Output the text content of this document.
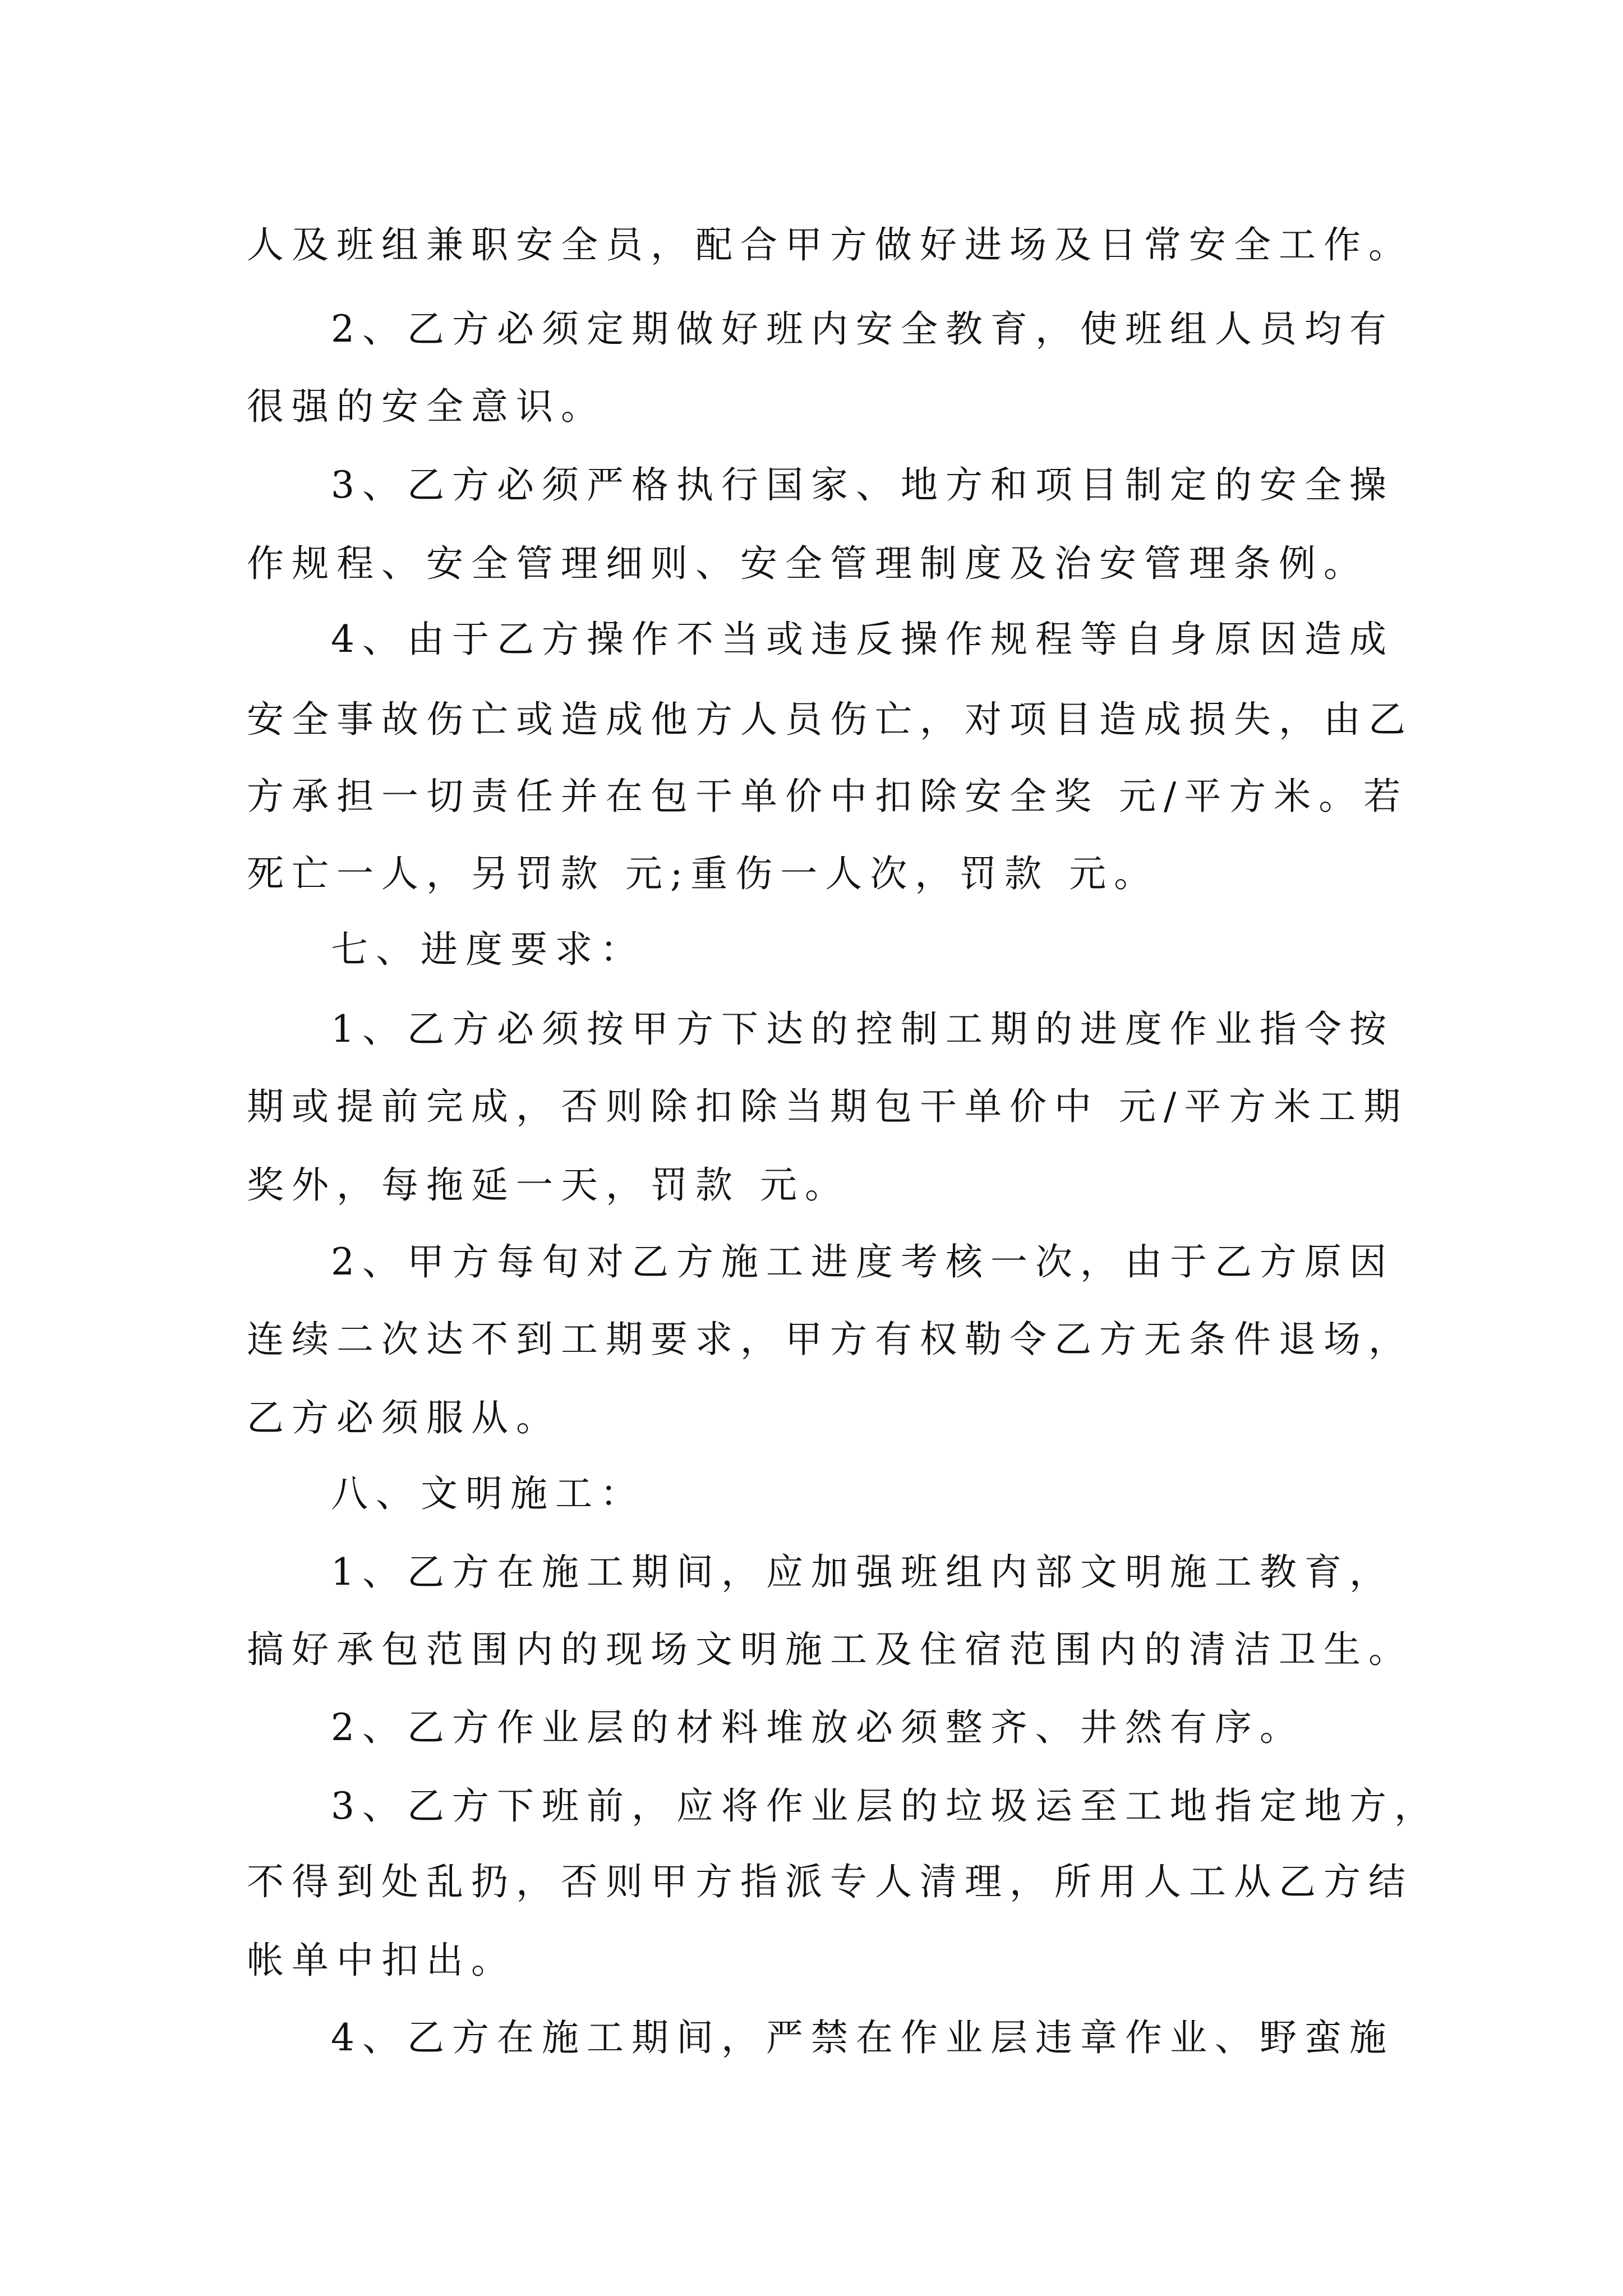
人及班组兼职安全员，配合甲方做好进场及日常安全工作。
2、乙方必须定期做好班内安全教育，使班组人员均有
很强的安全意识。
3、乙方必须严格执行国家、地方和项目制定的安全操
作规程、安全管理细则、安全管理制度及治安管理条例。
4、由于乙方操作不当或违反操作规程等自身原因造成
安全事故伤亡或造成他方人员伤亡，对项目造成损失，由乙
方承担一切责任并在包干单价中扣除安全奖 元/平方米。若
死亡一人，另罚款 元;重伤一人次，罚款 元。
七、进度要求：
1、乙方必须按甲方下达的控制工期的进度作业指令按
期或提前完成，否则除扣除当期包干单价中 元/平方米工期
奖外，每拖延一天，罚款 元。
2、甲方每旬对乙方施工进度考核一次，由于乙方原因
连续二次达不到工期要求，甲方有权勒令乙方无条件退场，
乙方必须服从。
八、文明施工：
1、乙方在施工期间，应加强班组内部文明施工教育，
搞好承包范围内的现场文明施工及住宿范围内的清洁卫生。
2、乙方作业层的材料堆放必须整齐、井然有序。
3、乙方下班前，应将作业层的垃圾运至工地指定地方，
不得到处乱扔，否则甲方指派专人清理，所用人工从乙方结
帐单中扣出。
4、乙方在施工期间，严禁在作业层违章作业、野蛮施
